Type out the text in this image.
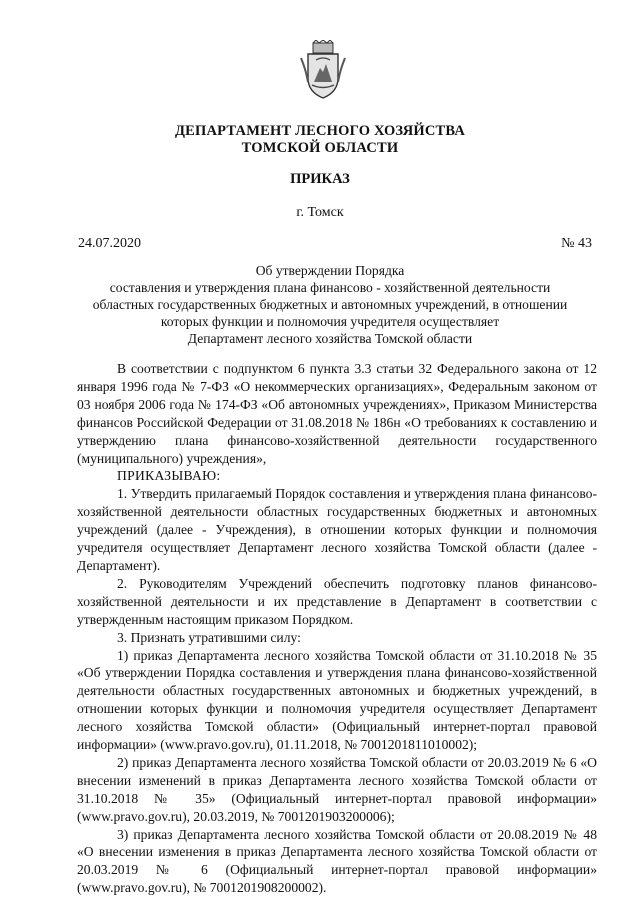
ДЕПАРТАМЕНТ ЛЕСНОГО ХОЗЯЙСТВА
ТОМСКОЙ ОБЛАСТИ
ПРИКАЗ
г. Томск
24.07.2020	№ 43
Об утверждении Порядка
составления и утверждения плана финансово - хозяйственной деятельности
областных государственных бюджетных и автономных учреждений, в отношении
которых функции и полномочия учредителя осуществляет
Департамент лесного хозяйства Томской области

В соответствии с подпунктом 6 пункта 3.3 статьи 32 Федерального закона от 12 января 1996 года № 7-ФЗ «О некоммерческих организациях», Федеральным законом от 03 ноября 2006 года № 174-ФЗ «Об автономных учреждениях», Приказом Министерства финансов Российской Федерации от 31.08.2018 № 186н «О требованиях к составлению и утверждению плана финансово-хозяйственной деятельности государственного (муниципального) учреждения»,

ПРИКАЗЫВАЮ:

1. Утвердить прилагаемый Порядок составления и утверждения плана финансово-хозяйственной деятельности областных государственных бюджетных и автономных учреждений (далее - Учреждения), в отношении которых функции и полномочия учредителя осуществляет Департамент лесного хозяйства Томской области (далее - Департамент).

2. Руководителям Учреждений обеспечить подготовку планов финансово-хозяйственной деятельности и их представление в Департамент в соответствии с утвержденным настоящим приказом Порядком.

3. Признать утратившими силу:

1) приказ Департамента лесного хозяйства Томской области от 31.10.2018 № 35 «Об утверждении Порядка составления и утверждения плана финансово-хозяйственной деятельности областных государственных автономных и бюджетных учреждений, в отношении которых функции и полномочия учредителя осуществляет Департамент лесного хозяйства Томской области» (Официальный интернет-портал правовой информации» (www.pravo.gov.ru), 01.11.2018, № 7001201811010002);

2) приказ Департамента лесного хозяйства Томской области от 20.03.2019 № 6 «О внесении изменений в приказ Департамента лесного хозяйства Томской области от 31.10.2018 № 35» (Официальный интернет-портал правовой информации» (www.pravo.gov.ru), 20.03.2019, № 7001201903200006);

3) приказ Департамента лесного хозяйства Томской области от 20.08.2019 № 48 «О внесении изменения в приказ Департамента лесного хозяйства Томской области от 20.03.2019 № 6 (Официальный интернет-портал правовой информации» (www.pravo.gov.ru), № 7001201908200002).
